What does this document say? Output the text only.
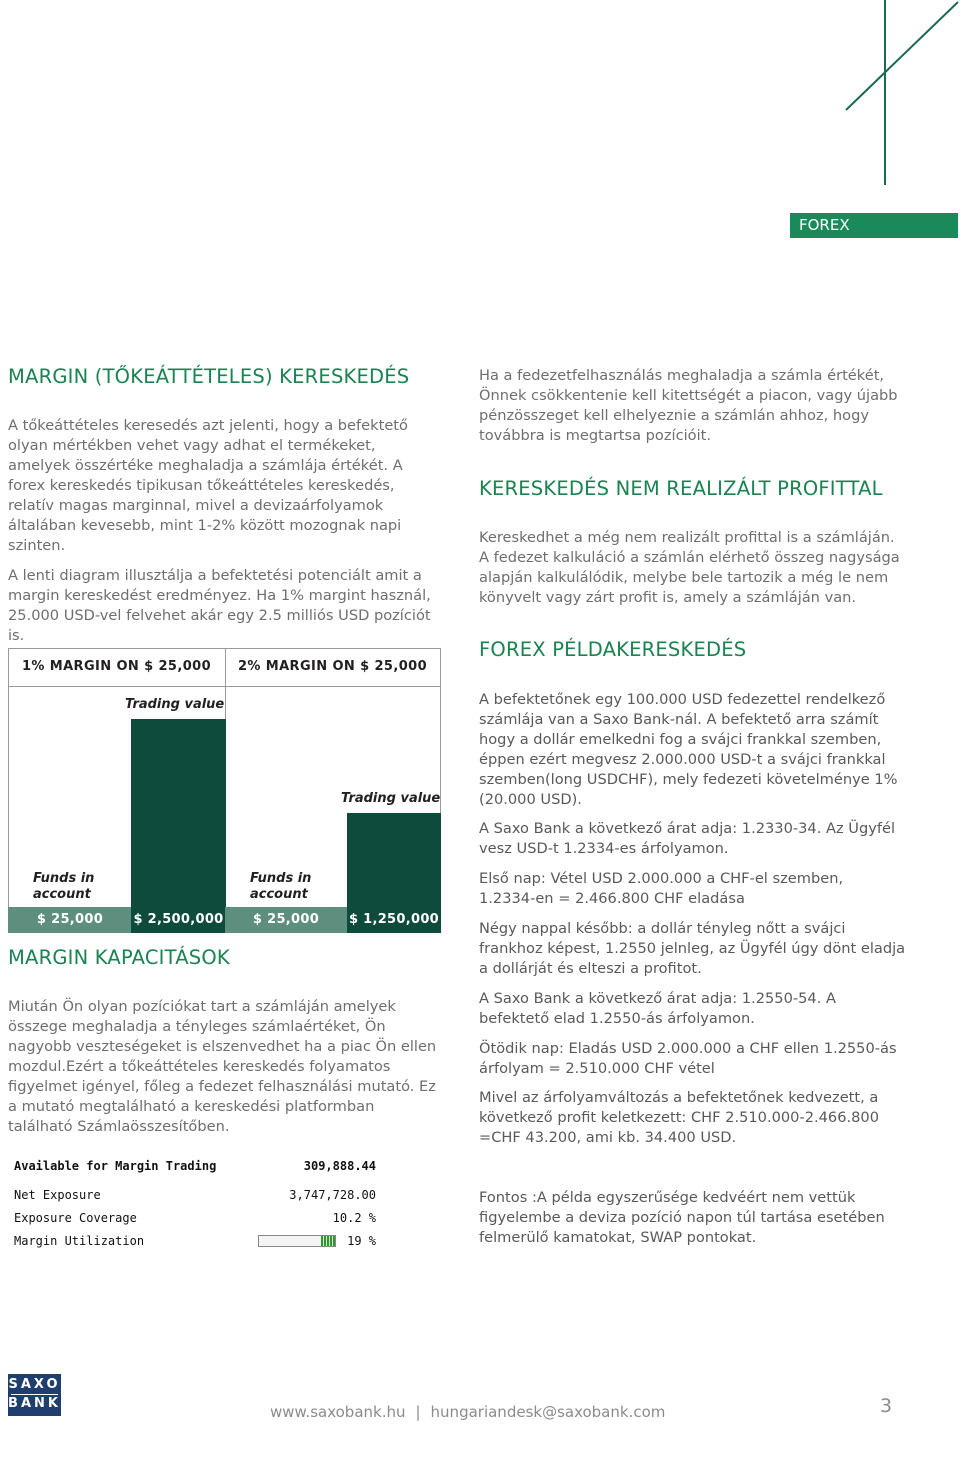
FOREX
MARGIN (TŐKEÁTTÉTELES) KERESKEDÉS

A tőkeáttételes keresedés azt jelenti, hogy a befektető olyan mértékben vehet vagy adhat el termékeket, amelyek összértéke meghaladja a számlája értékét. A forex kereskedés tipikusan tőkeáttételes kereskedés, relatív magas marginnal, mivel a devizaárfolyamok általában kevesebb, mint 1-2% között mozognak napi szinten.

A lenti diagram illusztálja a befektetési potenciált amit a margin kereskedést eredményez. Ha 1% margint használ, 25.000 USD-vel felvehet akár egy 2.5 milliós USD pozíciót is.

1% MARGIN ON $ 25,000	2% MARGIN ON $ 25,000
Trading value
Trading value
Funds in
account
Funds in
account
$ 25,000	$ 2,500,000	$ 25,000	$ 1,250,000
MARGIN KAPACITÁSOK

Miután Ön olyan pozíciókat tart a számláján amelyek összege meghaladja a tényleges számlaértéket, Ön nagyobb veszteségeket is elszenvedhet ha a piac Ön ellen mozdul.Ezért a tőkeáttételes kereskedés folyamatos figyelmet igényel, főleg a fedezet felhasználási mutató. Ez a mutató megtalálható a kereskedési platformban található Számlaösszesítőben.

Available for Margin Trading	309,888.44
Net Exposure	3,747,728.00
Exposure Coverage	10.2 %
Margin Utilization	19 %

Ha a fedezetfelhasználás meghaladja a számla értékét, Önnek csökkentenie kell kitettségét a piacon, vagy újabb pénzösszeget kell elhelyeznie a számlán ahhoz, hogy továbbra is megtartsa pozícióit.

KERESKEDÉS NEM REALIZÁLT PROFITTAL

Kereskedhet a még nem realizált profittal is a számláján. A fedezet kalkuláció a számlán elérhető összeg nagysága alapján kalkulálódik, melybe bele tartozik a még le nem könyvelt vagy zárt profit is, amely a számláján van.

FOREX PÉLDAKERESKEDÉS

A befektetőnek egy 100.000 USD fedezettel rendelkező számlája van a Saxo Bank-nál. A befektető arra számít hogy a dollár emelkedni fog a svájci frankkal szemben, éppen ezért megvesz 2.000.000 USD-t a svájci frankkal szemben(long USDCHF), mely fedezeti követelménye 1% (20.000 USD).

A Saxo Bank a következő árat adja: 1.2330-34. Az Ügyfél vesz USD-t 1.2334-es árfolyamon.

Első nap: Vétel USD 2.000.000 a CHF-el szemben, 1.2334-en = 2.466.800 CHF eladása

Négy nappal később: a dollár tényleg nőtt a svájci frankhoz képest, 1.2550 jelnleg, az Ügyfél úgy dönt eladja a dollárját és elteszi a profitot.

A Saxo Bank a következő árat adja: 1.2550-54. A befektető elad 1.2550-ás árfolyamon.

Ötödik nap: Eladás USD 2.000.000 a CHF ellen 1.2550-ás árfolyam = 2.510.000 CHF vétel

Mivel az árfolyamváltozás a befektetőnek kedvezett, a következő profit keletkezett: CHF 2.510.000-2.466.800 =CHF 43.200, ami kb. 34.400 USD.

Fontos :A példa egyszerűsége kedvéért nem vettük figyelembe a deviza pozíció napon túl tartása esetében felmerülő kamatokat, SWAP pontokat.

SAXO
BANK	www.saxobank.hu | hungariandesk@saxobank.com	3
